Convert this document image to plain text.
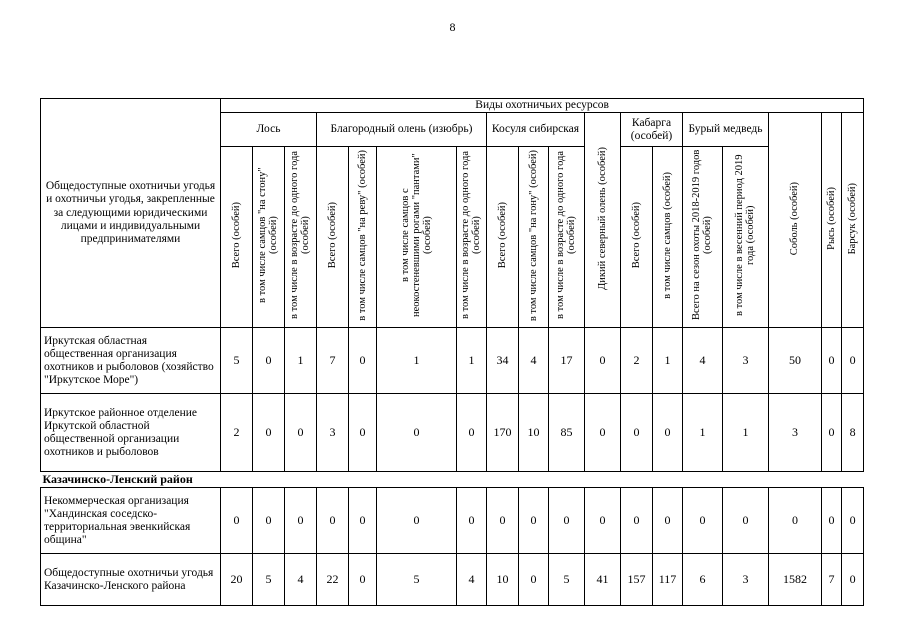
8
Общедоступные охотничьи угодья и охотничьи угодья, закрепленные за следующими юридическими лицами и индивидуальными предпринимателями	Виды охотничьих ресурсов																	
	Лось			Благородный олень (изюбрь)				Косуля сибирская			Дикий северный олень (особей)	Кабарга (особей)		Бурый медведь		Соболь (особей)	Рысь (особей)	Барсук (особей)
	Всего (особей)	в том числе самцов "на стону" (особей)	в том числе в возрасте до одного года (особей)	Всего (особей)	в том числе самцов "на реву" (особей)	в том числе самцов с неокостеневшими рогами "пантами" (особей)	в том числе в возрасте до одного года (особей)	Всего (особей)	в том числе самцов "на гону" (особей)	в том числе в возрасте до одного года (особей)		Всего (особей)	в том числе самцов (особей)	Всего на сезон охоты 2018-2019 годов (особей)	в том числе в весенний период 2019 года (особей)			
Иркутская областная общественная организация охотников и рыболовов (хозяйство "Иркутское Море")	5	0	1	7	0	1	1	34	4	17	0	2	1	4	3	50	0	0
Иркутское районное отделение Иркутской областной общественной организации охотников и рыболовов	2	0	0	3	0	0	0	170	10	85	0	0	0	1	1	3	0	8
Казачинско-Ленский район																		
Некоммерческая организация "Хандинская соседско-территориальная эвенкийская община"	0	0	0	0	0	0	0	0	0	0	0	0	0	0	0	0	0	0
Общедоступные охотничьи угодья Казачинско-Ленского района	20	5	4	22	0	5	4	10	0	5	41	157	117	6	3	1582	7	0
